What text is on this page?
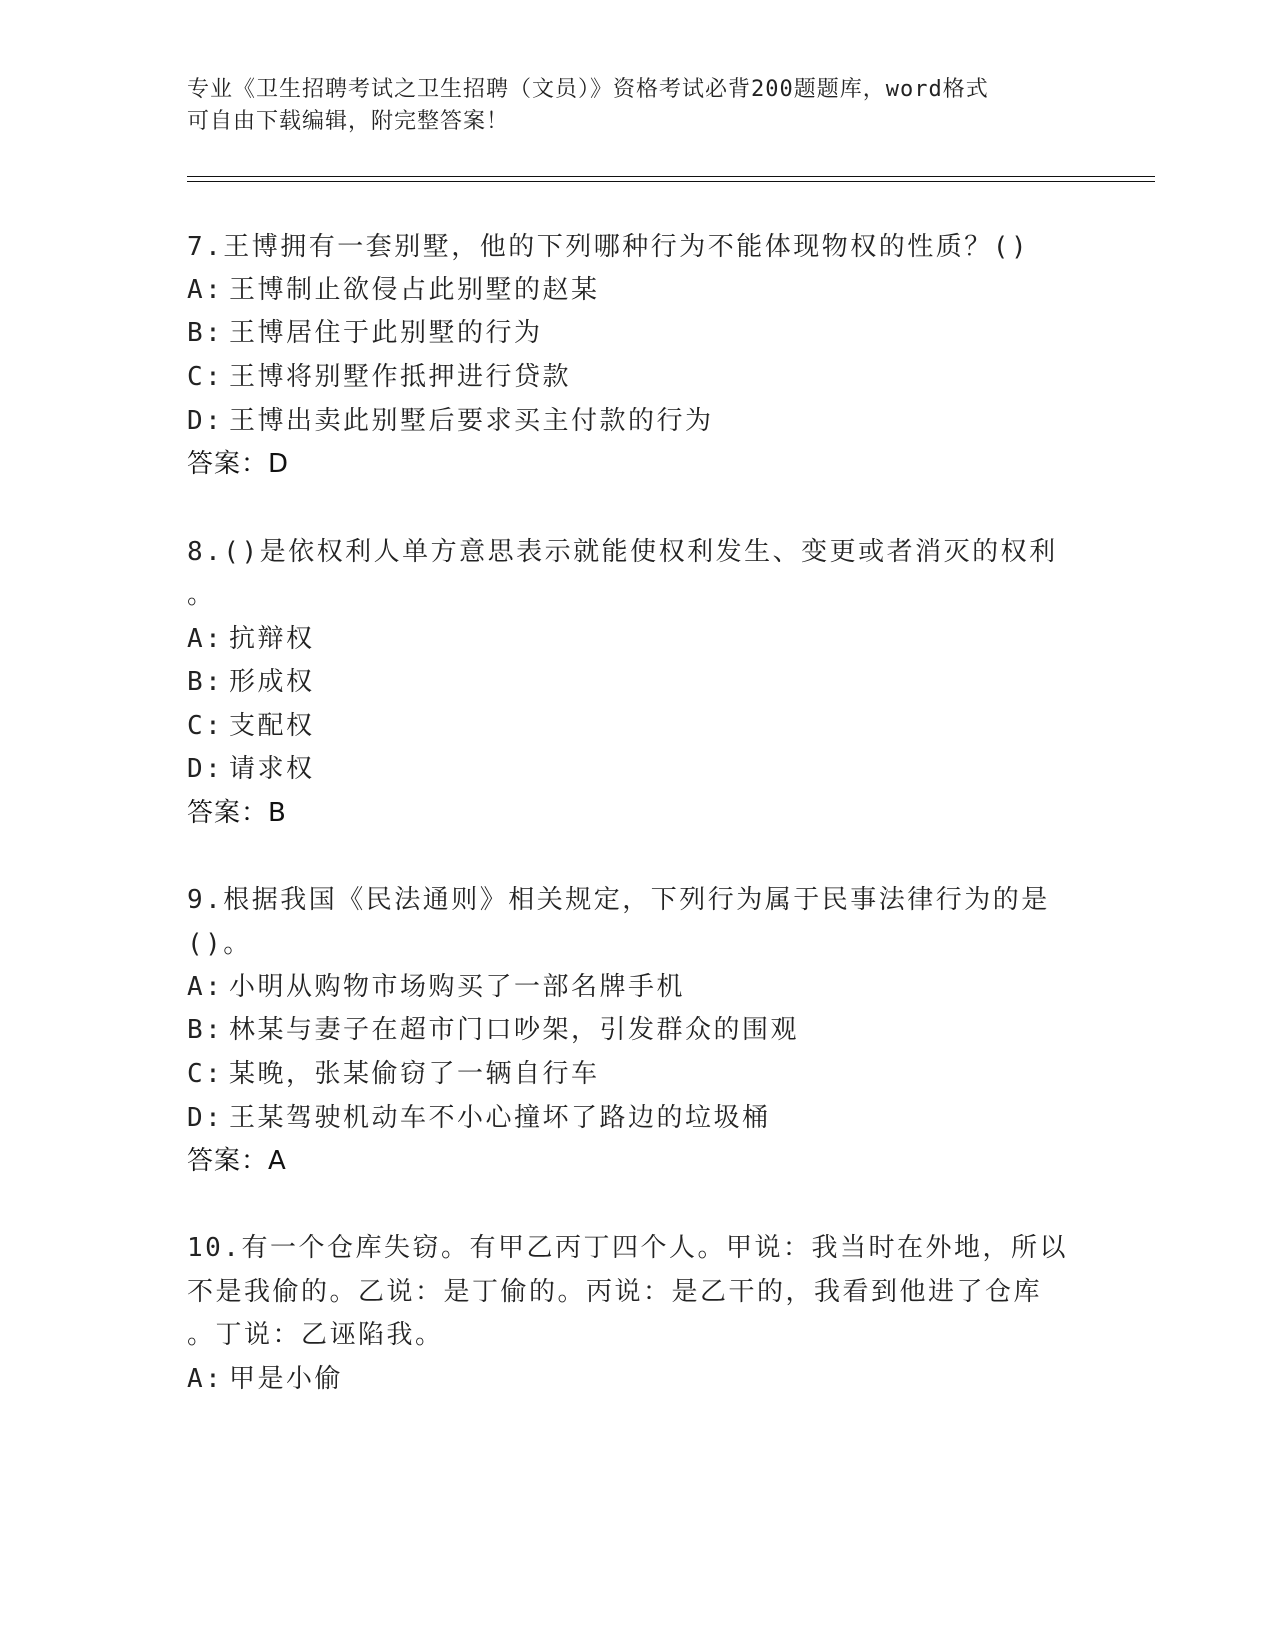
专业《卫生招聘考试之卫生招聘（文员）》资格考试必背200题题库，word格式
可自由下载编辑，附完整答案！
7.王博拥有一套别墅，他的下列哪种行为不能体现物权的性质？()
A: 王博制止欲侵占此别墅的赵某
B: 王博居住于此别墅的行为
C: 王博将别墅作抵押进行贷款
D: 王博出卖此别墅后要求买主付款的行为
答案：D
8.()是依权利人单方意思表示就能使权利发生、变更或者消灭的权利
。
A: 抗辩权
B: 形成权
C: 支配权
D: 请求权
答案：B
9.根据我国《民法通则》相关规定，下列行为属于民事法律行为的是
()。
A: 小明从购物市场购买了一部名牌手机
B: 林某与妻子在超市门口吵架，引发群众的围观
C: 某晚，张某偷窃了一辆自行车
D: 王某驾驶机动车不小心撞坏了路边的垃圾桶
答案：A
10.有一个仓库失窃。有甲乙丙丁四个人。甲说：我当时在外地，所以
不是我偷的。乙说：是丁偷的。丙说：是乙干的，我看到他进了仓库
。丁说：乙诬陷我。
A: 甲是小偷
